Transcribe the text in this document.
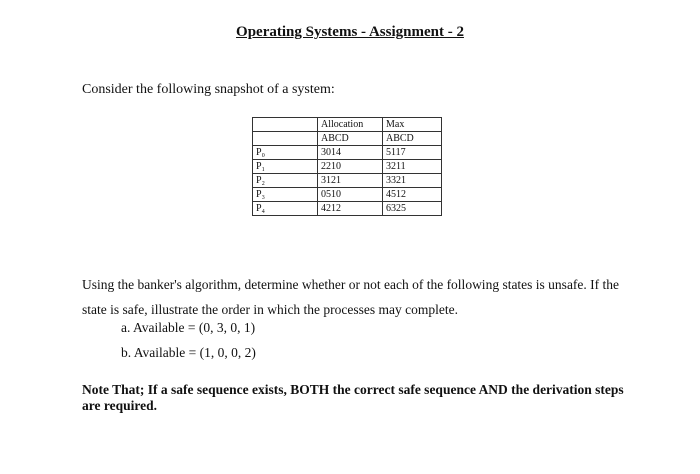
Operating Systems - Assignment - 2
Consider the following snapshot of a system:
	Allocation	Max
	ABCD	ABCD
P₀	3014	5117
P₁	2210	3211
P₂	3121	3321
P₃	0510	4512
P₄	4212	6325
Using the banker's algorithm, determine whether or not each of the following states is unsafe. If the state is safe, illustrate the order in which the processes may complete.
a. Available = (0, 3, 0, 1)
b. Available = (1, 0, 0, 2)
Note That; If a safe sequence exists, BOTH the correct safe sequence AND the derivation steps are required.
